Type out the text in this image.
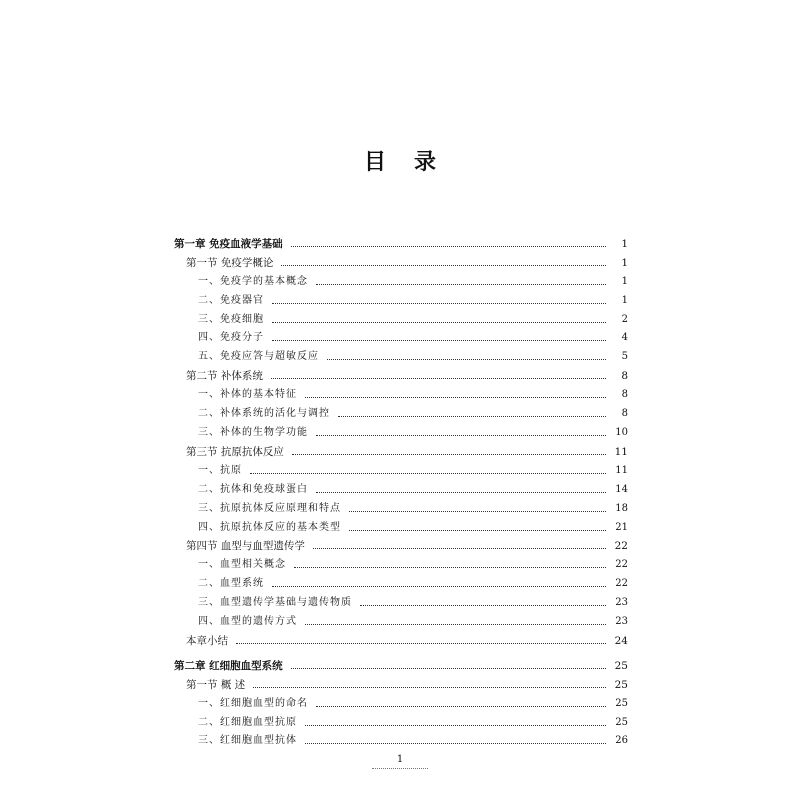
目录
第一章 免疫血液学基础	1
第一节 免疫学概论	1
一、免疫学的基本概念	1
二、免疫器官	1
三、免疫细胞	2
四、免疫分子	4
五、免疫应答与超敏反应	5
第二节 补体系统	8
一、补体的基本特征	8
二、补体系统的活化与调控	8
三、补体的生物学功能	10
第三节 抗原抗体反应	11
一、抗原	11
二、抗体和免疫球蛋白	14
三、抗原抗体反应原理和特点	18
四、抗原抗体反应的基本类型	21
第四节 血型与血型遗传学	22
一、血型相关概念	22
二、血型系统	22
三、血型遗传学基础与遗传物质	23
四、血型的遗传方式	23
本章小结	24
第二章 红细胞血型系统	25
第一节 概 述	25
一、红细胞血型的命名	25
二、红细胞血型抗原	25
三、红细胞血型抗体	26
1
